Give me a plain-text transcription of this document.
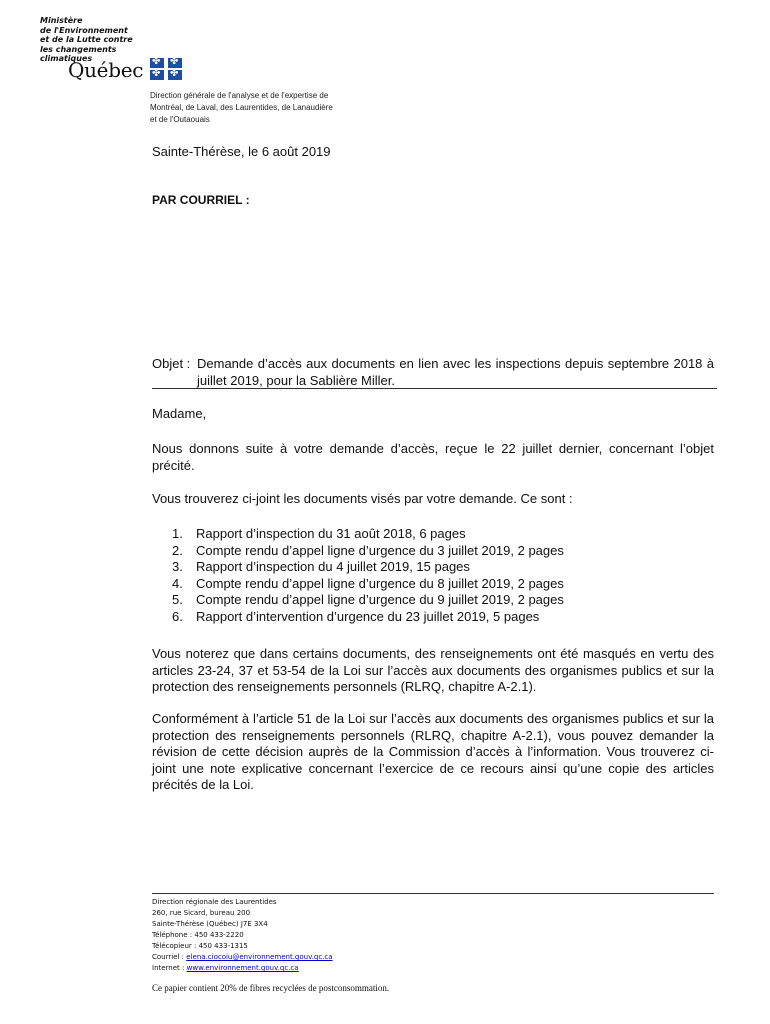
Ministère
de l'Environnement
et de la Lutte contre
les changements
climatiques
Québec
✤
✤
✤
✤
Direction générale de l'analyse et de l'expertise de
Montréal, de Laval, des Laurentides, de Lanaudière
et de l'Outaouais
Sainte-Thérèse, le 6 août 2019
PAR COURRIEL :
Objet : Demande d’accès aux documents en lien avec les inspections depuis septembre 2018 à juillet 2019, pour la Sablière Miller.
Madame,
Nous donnons suite à votre demande d’accès, reçue le 22 juillet dernier, concernant l’objet précité.
Vous trouverez ci-joint les documents visés par votre demande. Ce sont :
1. Rapport d’inspection du 31 août 2018, 6 pages
2. Compte rendu d’appel ligne d’urgence du 3 juillet 2019, 2 pages
3. Rapport d’inspection du 4 juillet 2019, 15 pages
4. Compte rendu d’appel ligne d’urgence du 8 juillet 2019, 2 pages
5. Compte rendu d’appel ligne d’urgence du 9 juillet 2019, 2 pages
6. Rapport d’intervention d’urgence du 23 juillet 2019, 5 pages
Vous noterez que dans certains documents, des renseignements ont été masqués en vertu des articles 23-24, 37 et 53-54 de la Loi sur l’accès aux documents des organismes publics et sur la protection des renseignements personnels (RLRQ, chapitre A-2.1).
Conformément à l’article 51 de la Loi sur l’accès aux documents des organismes publics et sur la protection des renseignements personnels (RLRQ, chapitre A-2.1), vous pouvez demander la révision de cette décision auprès de la Commission d’accès à l’information. Vous trouverez ci-joint une note explicative concernant l’exercice de ce recours ainsi qu’une copie des articles précités de la Loi.
Direction régionale des Laurentides
260, rue Sicard, bureau 200
Sainte-Thérèse (Québec) J7E 3X4
Téléphone : 450 433-2220
Télécopieur : 450 433-1315
Courriel : elena.ciocoiu@environnement.gouv.qc.ca
Internet : www.environnement.gouv.qc.ca
Ce papier contient 20% de fibres recyclées de postconsommation.
